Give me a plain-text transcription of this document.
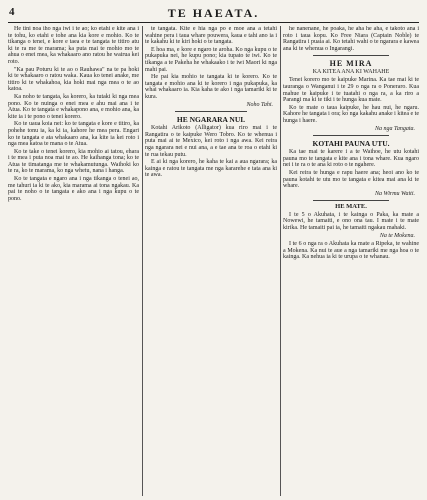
4	TE HAEATA.

He tini noa iho nga iwi i te ao; ko etahi e kite ana i te tohu, ko etahi e tohe ana kia kore e mohio. Ko te tikanga o tenei, e kore e taea e te tangata te titiro atu ki te ra me te marama; ka puta mai te mohio mo te ahua o enei mea, ka whakaaro ano ratou he wairua kei roto.

"Ka pau Poturu ki te ao o Rauhawa" na te pa hoki ki te whakaaro o ratou waka. Kaua ko tenei anake, me titiro ki te whakahoa, kia hoki mai nga mea o te ao katoa.

Ka noho te tangata, ka korero, ka tutaki ki nga mea pono. Ko te nuinga o enei mea e ahu mai ana i te Atua. Ko te tangata e whakapono ana, e mohio ana, ka kite ia i te pono o tenei korero.

Ko te uaua koia nei: ko te tangata e kore e titiro, ka pohehe tonu ia, ka ki ia, kahore he mea pera. Engari ko te tangata e ata whakaaro ana, ka kite ia kei roto i nga mea katoa te mana o te Atua.

Ko te take o tenei korero, kia mohio ai tatou, ehara i te mea i puta noa mai te ao. He kaihanga tona; ko te Atua te timatanga me te whakamutunga. Waihoki ko te ra, ko te marama, ko nga whetu, nana i hanga.

Ko te tangata e ngaro ana i nga tikanga o tenei ao, me tahuri ia ki te ako, kia marama ai tona ngakau. Ka pai te noho o te tangata e ako ana i nga kupu o te pono.

te tangata. Kite e hia nga po e moe ana a tetahi wahine pera i taua whare pouwera, kaua e tahi ano ia i te kakahu ki te kiri hoki o te tangata.

E hoa ma, e kore e ngaro te aroha. Ko nga kupu o te pukapuka nei, he kupu pono; kia tupato te iwi. Ko te tikanga a te Pakeha he whakaako i te iwi Maori ki nga mahi pai.

He pai kia mohio te tangata ki te korero. Ko te tangata e mohio ana ki te korero i nga pukapuka, ka whai whakaaro ia. Kia kaha te ako i nga tamariki ki te kura.

Noho Tahi.
HE NGARARA NUI.

Kotahi Arikoto (Alligator) kua riro mai i te Rangatira o te kaipuke Wero Tobro. Ko te whenua i puta mai ai te Mexico, kei roto i nga awa. Kei reira nga ngarara nei e nui ana, a e tae ana te roa o etahi ki te rua tekau putu.

E ai ki nga korero, he kaha te kai a aua ngarara; ka kainga e ratou te tangata me nga kararehe e tata ana ki te awa.

he nanenane, he poaka, he aha he aha, e takoto ana i roto i taua kopu. Ko Free Niara (Captain Noble) te Rangatira i puaia ai. Ko tetahi wahi o te ngarara e kawea ana ki te whenua o Ingarangi.

HE MIRA
KA KITEA ANA KI WAHAHE

Tenei korero mo te kaipuke Marina. Ka tae mai ki te tauranga o Wanganui i te 29 o nga ra o Poneraro. Kua mahue te kaipuke i te tuatahi o nga ra, a ka riro a Parangi ma ki te tiki i te hunga kua mate.

Ko te mate o taua kaipuke, he hau nui, he ngaru. Kahore he tangata i ora; ko nga kakahu anake i kitea e te hunga i haere.

Na nga Tangata.
KOTAHI PAUNA UTU.

Ka tae mai te karere i a te Waihoe, he utu kotahi pauna mo te tangata e kite ana i tona whare. Kua ngaro nei i te ra o te ana ki roto o te ngahere.

Kei reira te hunga e rapu haere ana; heoi ano ko te pauna kotahi te utu mo te tangata e kitea mai ana ki te whare.

Na Wirmu Waiti.
HE MATE.

I te 5 o Akuhata, i te kainga o Paka, ka mate a Nowewi, he tamaiti, e ono ona tau. I mate i te mate kirika. He tamaiti pai ia, he tamaiti ngakau mahaki.

Na te Mokena.

I te 6 o nga ra o Akuhata ka mate a Ripeka, te wahine a Mokena. Ka nui te aue a nga tamariki me nga hoa o te kainga. Ka nehua ia ki te urupa o te whanau.
